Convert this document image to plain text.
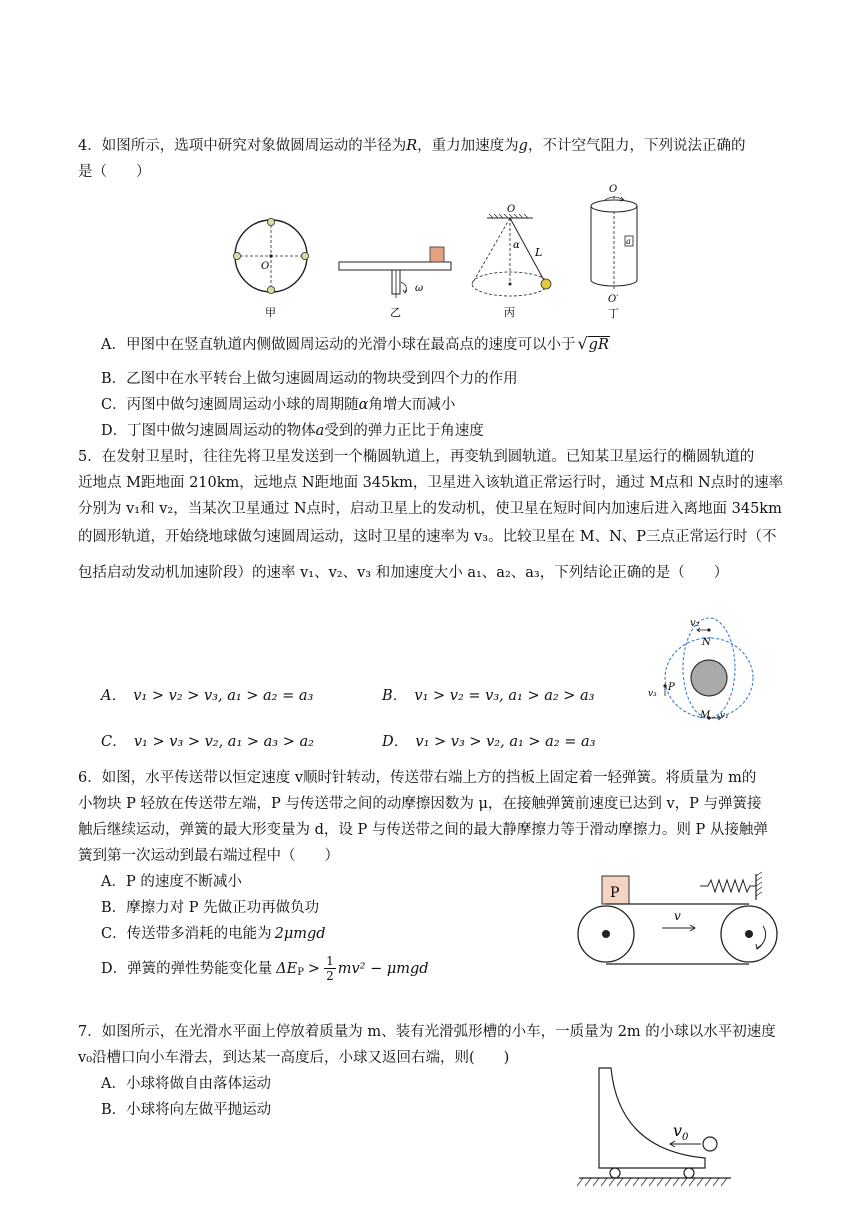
4．如图所示，选项中研究对象做圆周运动的半径为R，重力加速度为g，不计空气阻力，下列说法正确的
是（　　）
O
甲
ω
乙
O
α
L
丙
O
a
O′
丁
A．甲图中在竖直轨道内侧做圆周运动的光滑小球在最高点的速度可以小于 √gR
B．乙图中在水平转台上做匀速圆周运动的物块受到四个力的作用
C．丙图中做匀速圆周运动小球的周期随α角增大而减小
D．丁图中做匀速圆周运动的物体a受到的弹力正比于角速度
5．在发射卫星时，往往先将卫星发送到一个椭圆轨道上，再变轨到圆轨道。已知某卫星运行的椭圆轨道的
近地点 M距地面 210km，远地点 N距地面 345km，卫星进入该轨道正常运行时，通过 M点和 N点时的速率
分别为 v₁和 v₂，当某次卫星通过 N点时，启动卫星上的发动机，使卫星在短时间内加速后进入离地面 345km
的圆形轨道，开始绕地球做匀速圆周运动，这时卫星的速率为 v₃。比较卫星在 M、N、P三点正常运行时（不
包括启动发动机加速阶段）的速率 v₁、v₂、v₃ 和加速度大小 a₁、a₂、a₃，下列结论正确的是（　　）
A．　v₁ > v₂ > v₃, a₁ > a₂ = a₃	B．　v₁ > v₂ = v₃, a₁ > a₂ > a₃
C．　v₁ > v₃ > v₂, a₁ > a₃ > a₂	D．　v₁ > v₃ > v₂, a₁ > a₂ = a₃
v₂
N
v₃
P
M v₁
6．如图，水平传送带以恒定速度 v顺时针转动，传送带右端上方的挡板上固定着一轻弹簧。将质量为 m的
小物块 P 轻放在传送带左端，P 与传送带之间的动摩擦因数为 μ，在接触弹簧前速度已达到 v，P 与弹簧接
触后继续运动，弹簧的最大形变量为 d，设 P 与传送带之间的最大静摩擦力等于滑动摩擦力。则 P 从接触弹
簧到第一次运动到最右端过程中（　　）
A．P 的速度不断减小
B．摩擦力对 P 先做正功再做负功
C．传送带多消耗的电能为 2μmgd
D．弹簧的弹性势能变化量 ΔE P > 1
2 mv² − μmgd
P
v
7．如图所示，在光滑水平面上停放着质量为 m、装有光滑弧形槽的小车，一质量为 2m 的小球以水平初速度
v₀沿槽口向小车滑去，到达某一高度后，小球又返回右端，则(　　)
A．小球将做自由落体运动
B．小球将向左做平抛运动
$v_0$
